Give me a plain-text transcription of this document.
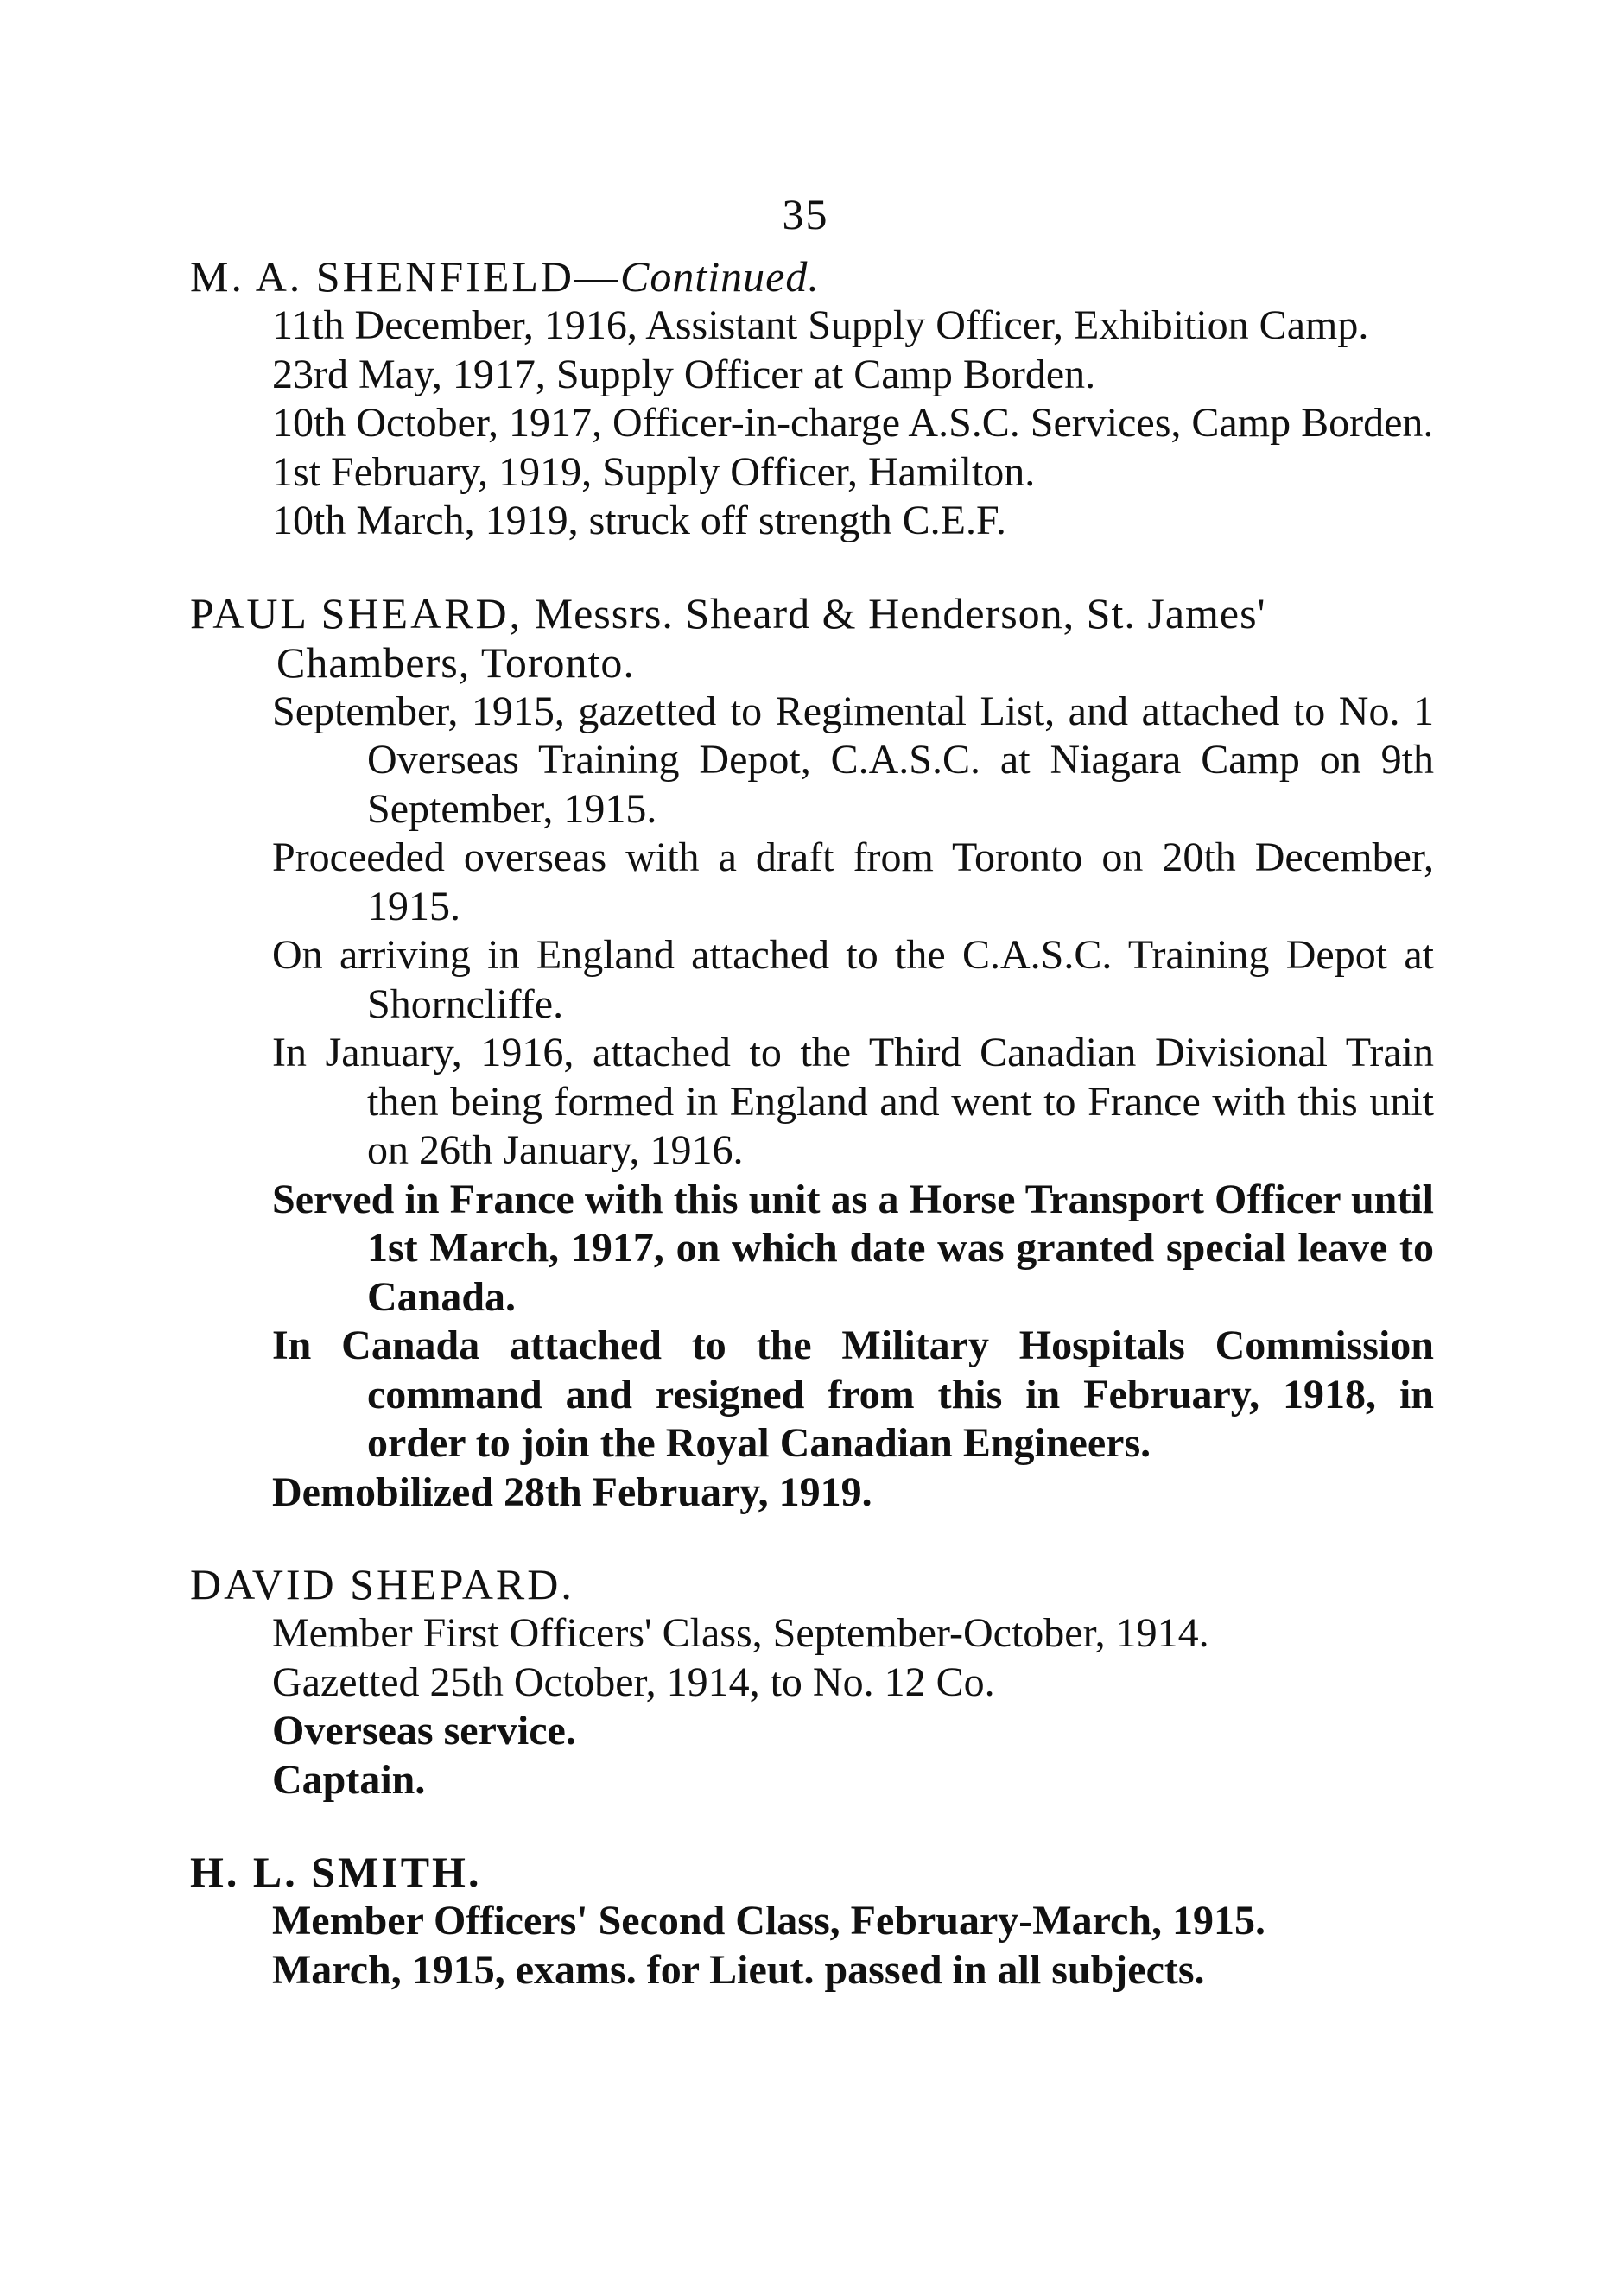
35

M. A. SHENFIELD—Continued.

11th December, 1916, Assistant Supply Officer, Exhibition Camp.

23rd May, 1917, Supply Officer at Camp Borden.

10th October, 1917, Officer-in-charge A.S.C. Services, Camp Borden.

1st February, 1919, Supply Officer, Hamilton.

10th March, 1919, struck off strength C.E.F.

PAUL SHEARD, Messrs. Sheard & Henderson, St. James' Chambers, Toronto.

September, 1915, gazetted to Regimental List, and attached to No. 1 Overseas Training Depot, C.A.S.C. at Niagara Camp on 9th September, 1915.

Proceeded overseas with a draft from Toronto on 20th December, 1915.

On arriving in England attached to the C.A.S.C. Training Depot at Shorncliffe.

In January, 1916, attached to the Third Canadian Divisional Train then being formed in England and went to France with this unit on 26th January, 1916.

Served in France with this unit as a Horse Transport Officer until 1st March, 1917, on which date was granted special leave to Canada.

In Canada attached to the Military Hospitals Commission command and resigned from this in February, 1918, in order to join the Royal Canadian Engineers.

Demobilized 28th February, 1919.

DAVID SHEPARD.

Member First Officers' Class, September-October, 1914.

Gazetted 25th October, 1914, to No. 12 Co.

Overseas service.

Captain.

H. L. SMITH.

Member Officers' Second Class, February-March, 1915.

March, 1915, exams. for Lieut. passed in all subjects.
